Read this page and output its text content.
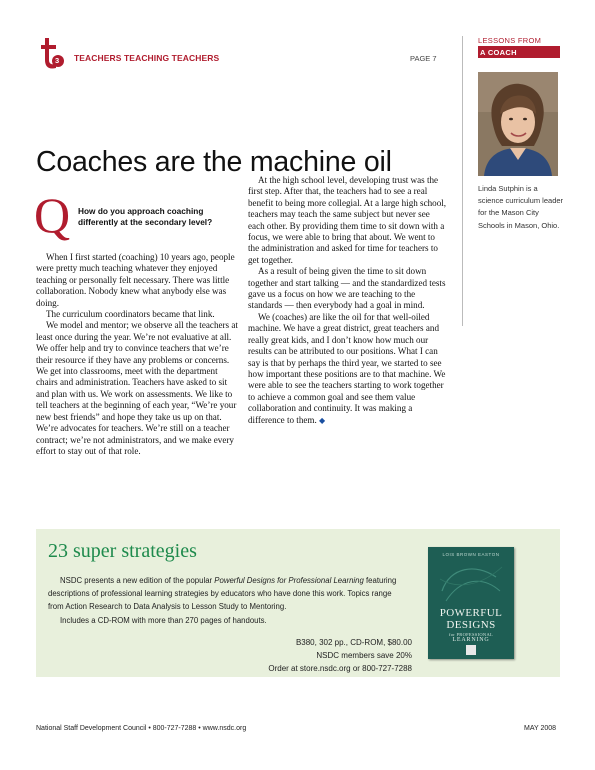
3 TEACHERS TEACHING TEACHERS	PAGE 7
LESSONS FROM
A COACH
Linda Sutphin is a science curriculum leader for the Mason City Schools in Mason, Ohio.
Coaches are the machine oil
Q How do you approach coaching differently at the secondary level?

When I first started (coaching) 10 years ago, people were pretty much teaching whatever they enjoyed teaching or personally felt necessary. There was little collaboration. Nobody knew what anybody else was doing.

The curriculum coordinators became that link.

We model and mentor; we observe all the teachers at least once during the year. We’re not evaluative at all. We offer help and try to convince teachers that we’re their resource if they have any problems or concerns. We get into classrooms, meet with the department chairs and administration. Teachers have asked to sit and plan with us. We work on assessments. We like to tell teachers at the beginning of each year, “We’re your new best friends” and hope they take us up on that. We’re advocates for teachers. We’re still on a teacher contract; we’re not administrators, and we make every effort to stay out of that role.

At the high school level, developing trust was the first step. After that, the teachers had to see a real benefit to being more collegial. At a large high school, teachers may teach the same subject but never see each other. By providing them time to sit down with a focus, we were able to bring that about. We went to the administration and asked for time for teachers to get together.

As a result of being given the time to sit down together and start talking — and the standardized tests gave us a focus on how we are teaching to the standards — then everybody had a goal in mind.

We (coaches) are like the oil for that well-oiled machine. We have a great district, great teachers and really great kids, and I don’t know how much our results can be attributed to our positions. What I can say is that by perhaps the third year, we started to see how important these positions are to that machine. We were able to see the teachers starting to work together to achieve a common goal and see them value collaboration and continuity. It was making a difference to them. ◆

23 super strategies
NSDC presents a new edition of the popular Powerful Designs for Professional Learning featuring descriptions of professional learning strategies by educators who have done this work. Topics range from Action Research to Data Analysis to Lesson Study to Mentoring.
Includes a CD-ROM with more than 270 pages of handouts.
B380, 302 pp., CD-ROM, $80.00
NSDC members save 20%
Order at store.nsdc.org or 800-727-7288
LOIS BROWN EASTON
POWERFUL
DESIGNS
for PROFESSIONAL
LEARNING
National Staff Development Council • 800-727-7288 • www.nsdc.org	MAY 2008
